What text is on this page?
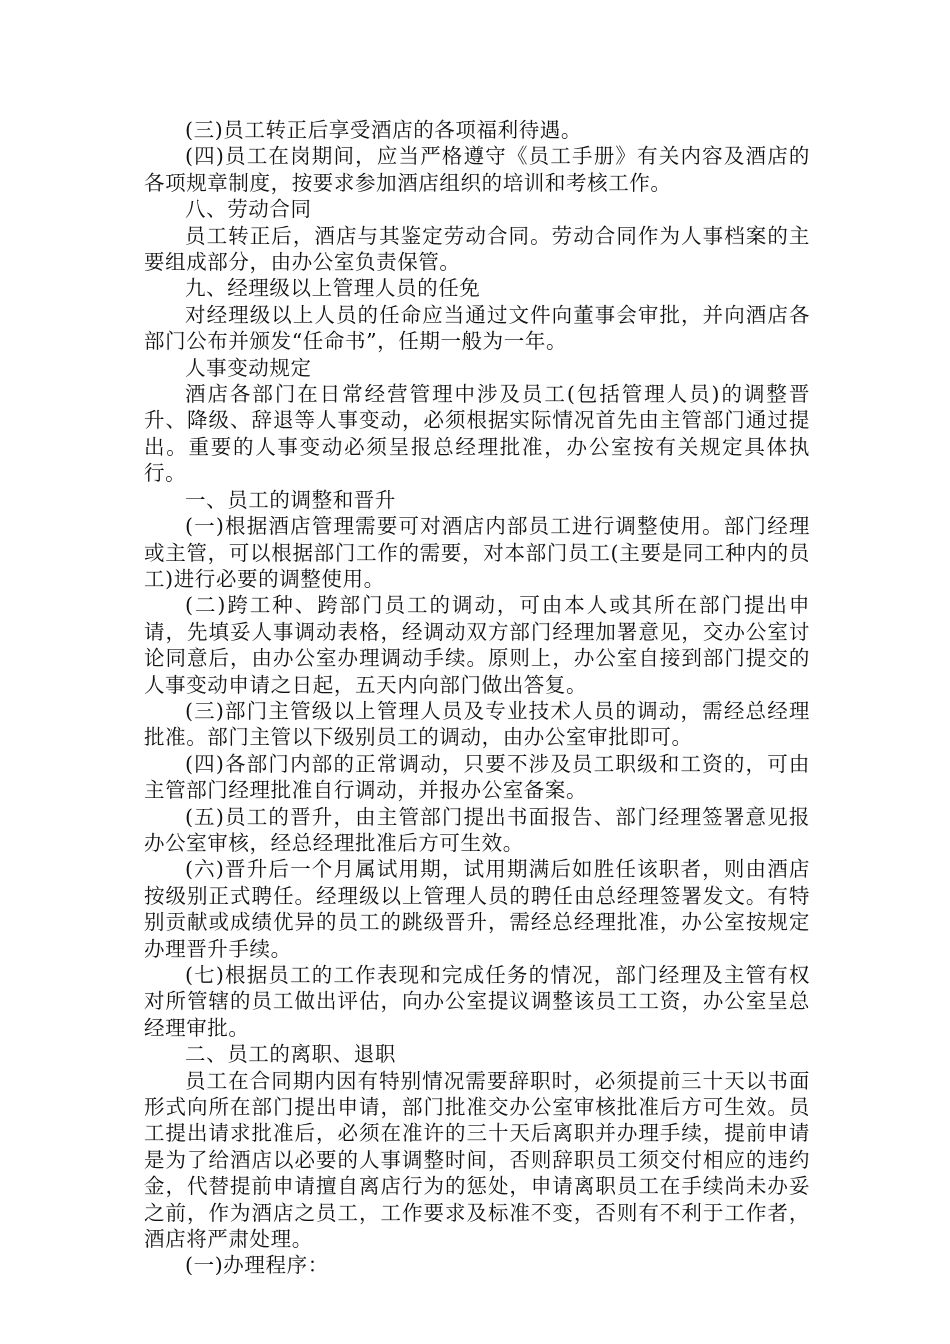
(三)员工转正后享受酒店的各项福利待遇。

(四)员工在岗期间，应当严格遵守《员工手册》有关内容及酒店的各项规章制度，按要求参加酒店组织的培训和考核工作。

八、劳动合同

员工转正后，酒店与其鉴定劳动合同。劳动合同作为人事档案的主要组成部分，由办公室负责保管。

九、经理级以上管理人员的任免

对经理级以上人员的任命应当通过文件向董事会审批，并向酒店各部门公布并颁发“任命书”，任期一般为一年。

人事变动规定

酒店各部门在日常经营管理中涉及员工(包括管理人员)的调整晋升、降级、辞退等人事变动，必须根据实际情况首先由主管部门通过提出。重要的人事变动必须呈报总经理批准，办公室按有关规定具体执行。

一、员工的调整和晋升

(一)根据酒店管理需要可对酒店内部员工进行调整使用。部门经理或主管，可以根据部门工作的需要，对本部门员工(主要是同工种内的员工)进行必要的调整使用。

(二)跨工种、跨部门员工的调动，可由本人或其所在部门提出申请，先填妥人事调动表格，经调动双方部门经理加署意见，交办公室讨论同意后，由办公室办理调动手续。原则上，办公室自接到部门提交的人事变动申请之日起，五天内向部门做出答复。

(三)部门主管级以上管理人员及专业技术人员的调动，需经总经理批准。部门主管以下级别员工的调动，由办公室审批即可。

(四)各部门内部的正常调动，只要不涉及员工职级和工资的，可由主管部门经理批准自行调动，并报办公室备案。

(五)员工的晋升，由主管部门提出书面报告、部门经理签署意见报办公室审核，经总经理批准后方可生效。

(六)晋升后一个月属试用期，试用期满后如胜任该职者，则由酒店按级别正式聘任。经理级以上管理人员的聘任由总经理签署发文。有特别贡献或成绩优异的员工的跳级晋升，需经总经理批准，办公室按规定办理晋升手续。

(七)根据员工的工作表现和完成任务的情况，部门经理及主管有权对所管辖的员工做出评估，向办公室提议调整该员工工资，办公室呈总经理审批。

二、员工的离职、退职

员工在合同期内因有特别情况需要辞职时，必须提前三十天以书面形式向所在部门提出申请，部门批准交办公室审核批准后方可生效。员工提出请求批准后，必须在准许的三十天后离职并办理手续，提前申请是为了给酒店以必要的人事调整时间，否则辞职员工须交付相应的违约金，代替提前申请擅自离店行为的惩处，申请离职员工在手续尚未办妥之前，作为酒店之员工，工作要求及标准不变，否则有不利于工作者，酒店将严肃处理。

(一)办理程序：
